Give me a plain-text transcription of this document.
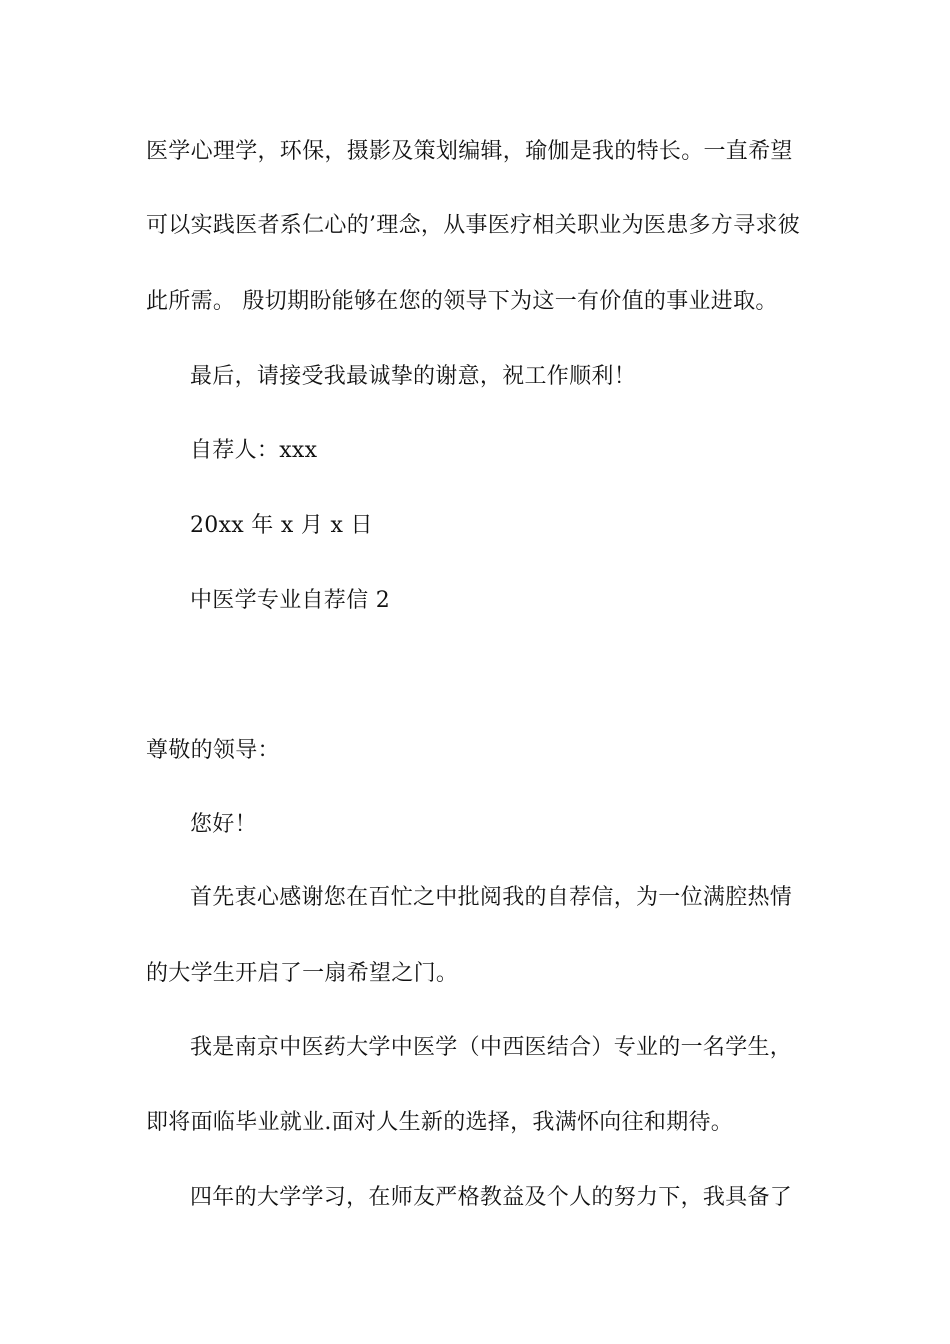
医学心理学，环保，摄影及策划编辑，瑜伽是我的特长。一直希望
可以实践医者系仁心的’理念，从事医疗相关职业为医患多方寻求彼
此所需。 殷切期盼能够在您的领导下为这一有价值的事业进取。
最后，请接受我最诚挚的谢意，祝工作顺利！
自荐人：xxx
20xx 年 x 月 x 日
中医学专业自荐信 2
尊敬的领导：
您好！
首先衷心感谢您在百忙之中批阅我的自荐信，为一位满腔热情
的大学生开启了一扇希望之门。
我是南京中医药大学中医学（中西医结合）专业的一名学生，
即将面临毕业就业.面对人生新的选择，我满怀向往和期待。
四年的大学学习，在师友严格教益及个人的努力下，我具备了
